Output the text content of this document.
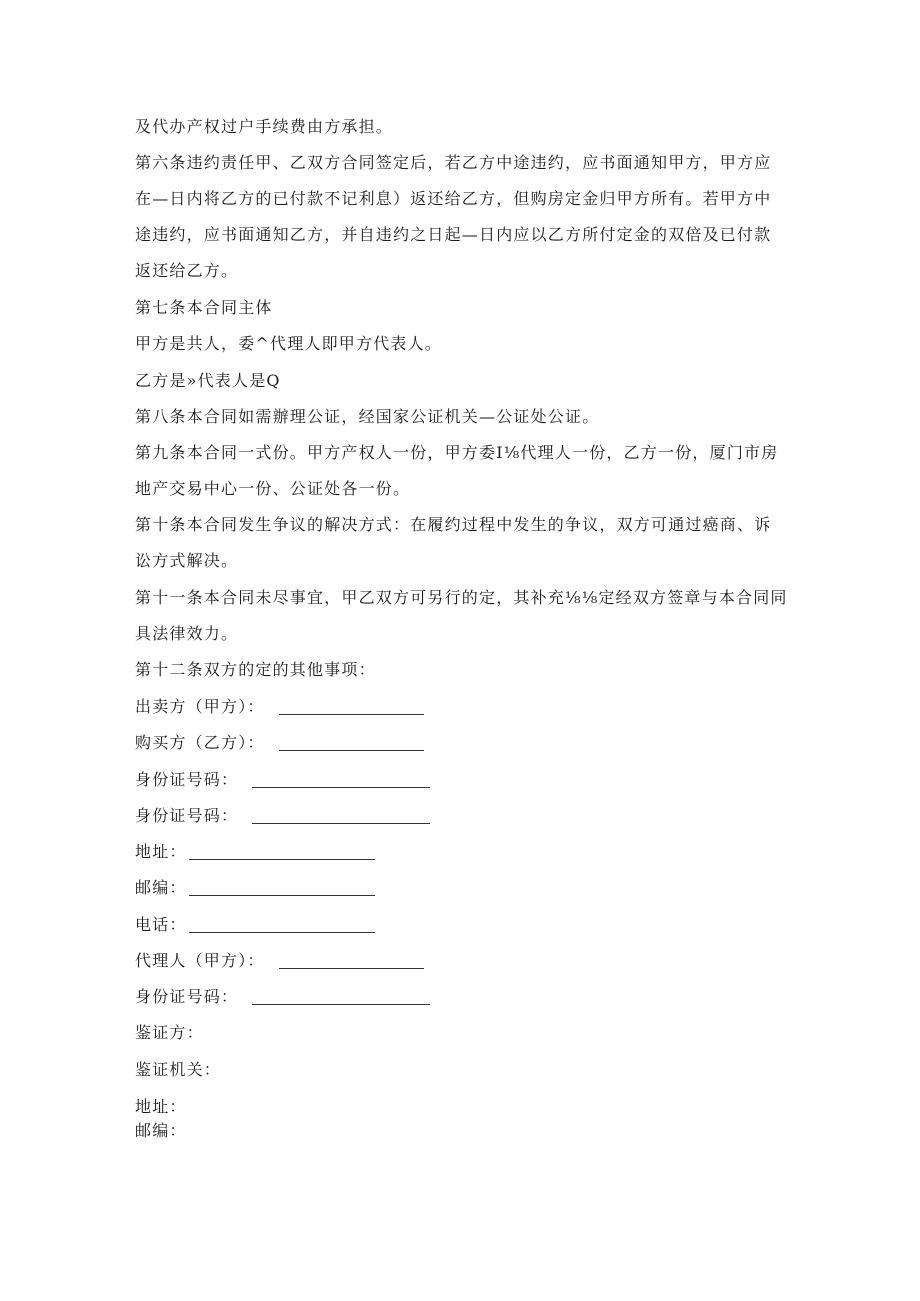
及代办产权过户手续费由方承担。
第六条违约责任甲、乙双方合同签定后，若乙方中途违约，应书面通知甲方，甲方应
在—日内将乙方的已付款不记利息）返还给乙方，但购房定金归甲方所有。若甲方中
途违约，应书面通知乙方，并自违约之日起—日内应以乙方所付定金的双倍及已付款
返还给乙方。
第七条本合同主体
甲方是共人，委^代理人即甲方代表人。
乙方是»代表人是Q
第八条本合同如需辦理公证，经国家公证机关—公证处公证。
第九条本合同一式份。甲方产权人一份，甲方委I⅛代理人一份，乙方一份，厦门市房
地产交易中心一份、公证处各一份。
第十条本合同发生争议的解决方式：在履约过程中发生的争议，双方可通过癌商、诉
讼方式解决。
第十一条本合同未尽事宜，甲乙双方可另行的定，其补充⅛⅛定经双方签章与本合同同
具法律效力。
第十二条双方的定的其他事项：
出卖方（甲方）：
购买方（乙方）：
身份证号码：
身份证号码：
地址：
邮编：
电话：
代理人（甲方）：
身份证号码：
鉴证方：
鉴证机关：
地址：
邮编：
